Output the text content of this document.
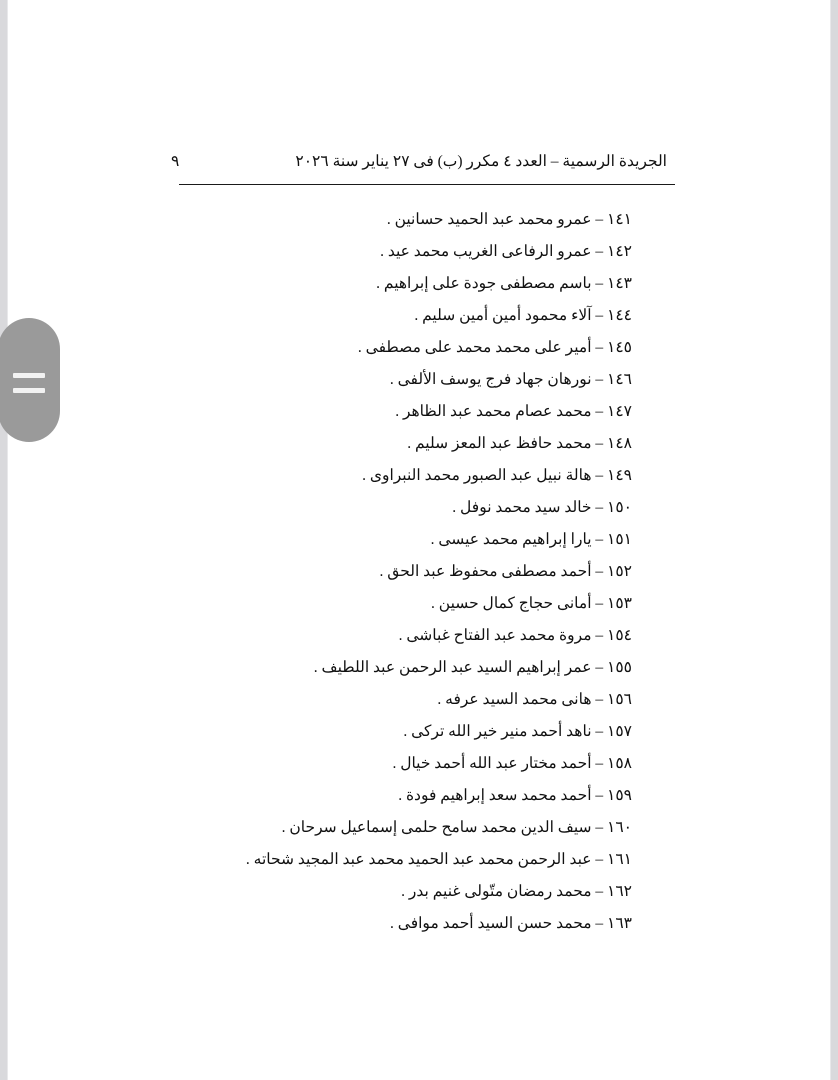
الجريدة الرسمية – العدد ٤ مكرر (ب) فى ٢٧ يناير سنة ٢٠٢٦
٩
١٤١ – عمرو محمد عبد الحميد حسانين .
١٤٢ – عمرو الرفاعى الغريب محمد عيد .
١٤٣ – باسم مصطفى جودة على إبراهيم .
١٤٤ – آلاء محمود أمين أمين سليم .
١٤٥ – أمير على محمد محمد على مصطفى .
١٤٦ – نورهان جهاد فرج يوسف الألفى .
١٤٧ – محمد عصام محمد عبد الظاهر .
١٤٨ – محمد حافظ عبد المعز سليم .
١٤٩ – هالة نبيل عبد الصبور محمد النبراوى .
١٥٠ – خالد سيد محمد نوفل .
١٥١ – يارا إبراهيم محمد عيسى .
١٥٢ – أحمد مصطفى محفوظ عبد الحق .
١٥٣ – أمانى حجاج كمال حسين .
١٥٤ – مروة محمد عبد الفتاح غباشى .
١٥٥ – عمر إبراهيم السيد عبد الرحمن عبد اللطيف .
١٥٦ – هانى محمد السيد عرفه .
١٥٧ – ناهد أحمد منير خير الله تركى .
١٥٨ – أحمد مختار عبد الله أحمد خيال .
١٥٩ – أحمد محمد سعد إبراهيم فودة .
١٦٠ – سيف الدين محمد سامح حلمى إسماعيل سرحان .
١٦١ – عبد الرحمن محمد عبد الحميد محمد عبد المجيد شحاته .
١٦٢ – محمد رمضان متّولى غنيم بدر .
١٦٣ – محمد حسن السيد أحمد موافى .
